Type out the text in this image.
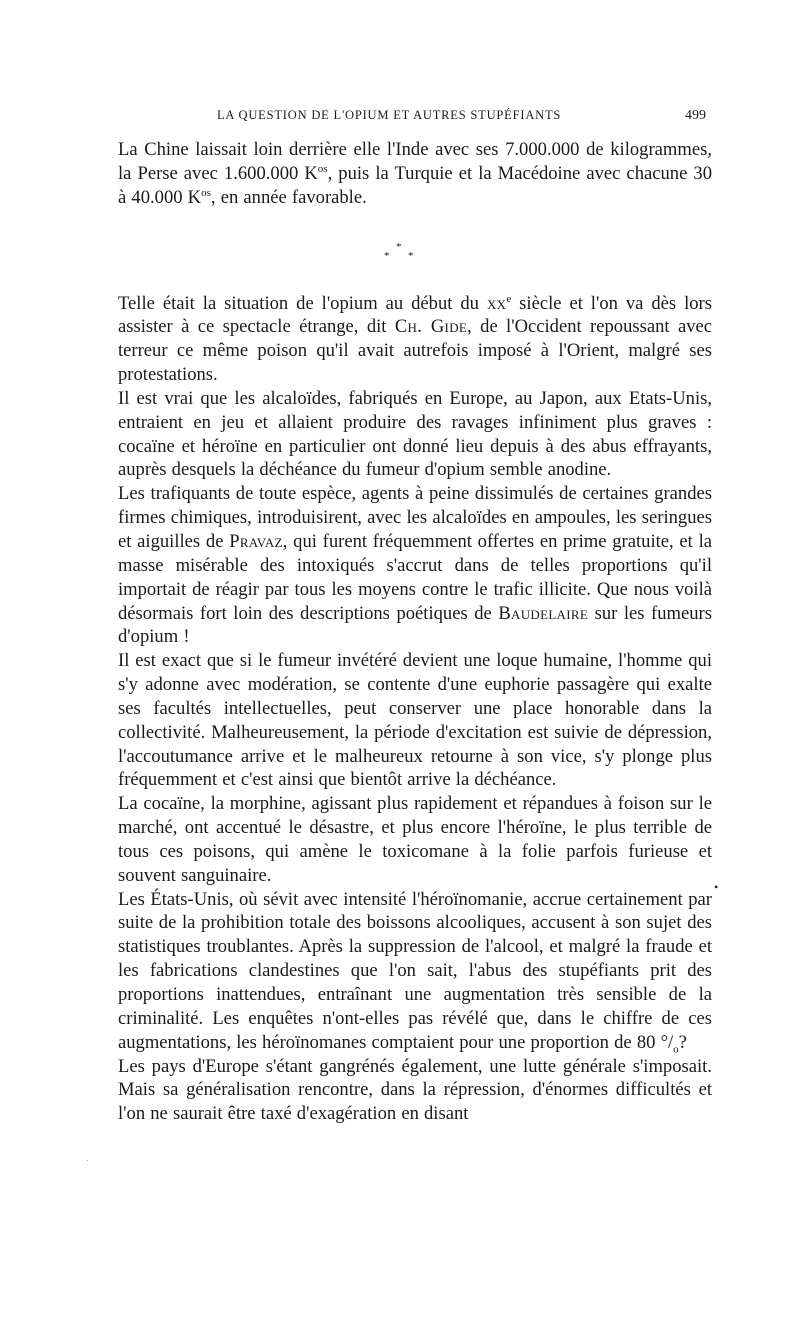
LA QUESTION DE L'OPIUM ET AUTRES STUPÉFIANTS	499

La Chine laissait loin derrière elle l'Inde avec ses 7.000.000 de kilogrammes, la Perse avec 1.600.000 $K^{os}$, puis la Turquie et la Macédoine avec chacune 30 à 40.000 $K^{os}$, en année favorable.

*
* *

Telle était la situation de l'opium au début du $xx^e$ siècle et l'on va dès lors assister à ce spectacle étrange, dit Ch. Gide, de l'Occident repoussant avec terreur ce même poison qu'il avait autrefois imposé à l'Orient, malgré ses protestations.

Il est vrai que les alcaloïdes, fabriqués en Europe, au Japon, aux Etats-Unis, entraient en jeu et allaient produire des ravages infiniment plus graves : cocaïne et héroïne en particulier ont donné lieu depuis à des abus effrayants, auprès desquels la déchéance du fumeur d'opium semble anodine.

Les trafiquants de toute espèce, agents à peine dissimulés de certaines grandes firmes chimiques, introduisirent, avec les alcaloïdes en ampoules, les seringues et aiguilles de Pravaz, qui furent fréquemment offertes en prime gratuite, et la masse misérable des intoxiqués s'accrut dans de telles proportions qu'il importait de réagir par tous les moyens contre le trafic illicite. Que nous voilà désormais fort loin des descriptions poétiques de Baudelaire sur les fumeurs d'opium !

Il est exact que si le fumeur invétéré devient une loque humaine, l'homme qui s'y adonne avec modération, se contente d'une euphorie passagère qui exalte ses facultés intellectuelles, peut conserver une place honorable dans la collectivité. Malheureusement, la période d'excitation est suivie de dépression, l'accoutumance arrive et le malheureux retourne à son vice, s'y plonge plus fréquemment et c'est ainsi que bientôt arrive la déchéance.

La cocaïne, la morphine, agissant plus rapidement et répandues à foison sur le marché, ont accentué le désastre, et plus encore l'héroïne, le plus terrible de tous ces poisons, qui amène le toxicomane à la folie parfois furieuse et souvent sanguinaire.

Les États-Unis, où sévit avec intensité l'héroïnomanie, accrue certainement par suite de la prohibition totale des boissons alcooliques, accusent à son sujet des statistiques troublantes. Après la suppression de l'alcool, et malgré la fraude et les fabrications clandestines que l'on sait, l'abus des stupéfiants prit des proportions inattendues, entraînant une augmentation très sensible de la criminalité. Les enquêtes n'ont-elles pas révélé que, dans le chiffre de ces augmentations, les héroïnomanes comptaient pour une proportion de 80 $^\circ/_o$?

Les pays d'Europe s'étant gangrénés également, une lutte générale s'imposait. Mais sa généralisation rencontre, dans la répression, d'énormes difficultés et l'on ne saurait être taxé d'exagération en disant

•
·
